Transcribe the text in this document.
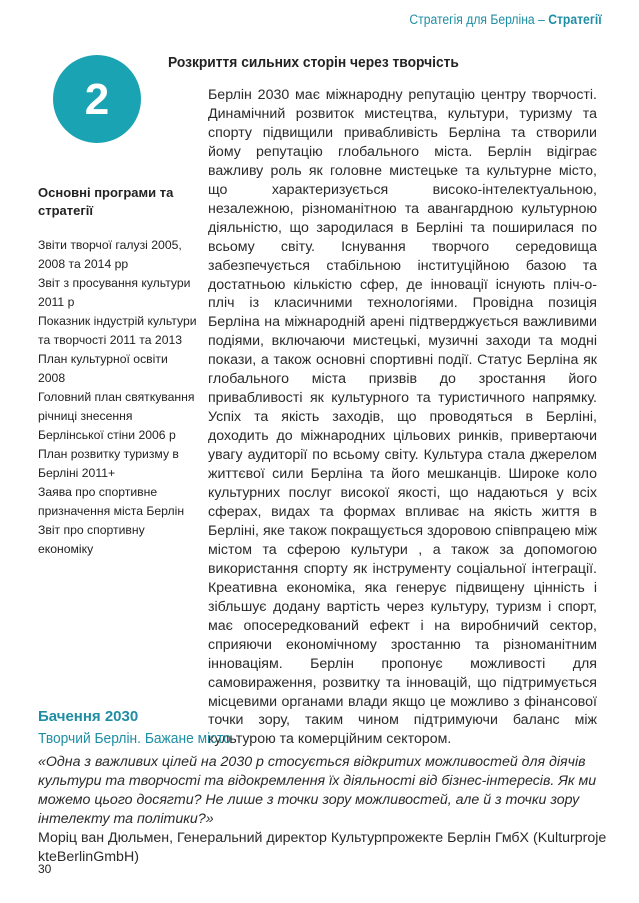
Стратегія для Берліна – Стратегії
2
Розкриття сильних сторін через творчість

Берлін 2030 має міжнародну репутацію центру творчості. Динамічний розвиток мистецтва, культури, туризму та спорту підвищили привабливість Берліна та створили йому репутацію глобального міста. Берлін відіграє важливу роль як головне мистецьке та культурне місто, що характеризується високо-інтелектуальною, незалежною, різноманітною та авангардною культурною діяльністю, що зародилася в Берліні та поширилася по всьому світу. Існування творчого середовища забезпечується стабільною інституційною базою та достатньою кількістю сфер, де інновації існують пліч-о-пліч із класичними технологіями. Провідна позиція Берліна на міжнародній арені підтверджується важливими подіями, включаючи мистецькі, музичні заходи та модні покази, а також основні спортивні події. Статус Берліна як глобального міста призвів до зростання його привабливості як культурного та туристичного напрямку. Успіх та якість заходів, що проводяться в Берліні, доходить до міжнародних цільових ринків, привертаючи увагу аудиторії по всьому світу. Культура стала джерелом життєвої сили Берліна та його мешканців. Широке коло культурних послуг високої якості, що надаються у всіх сферах, видах та формах впливає на якість життя в Берліні, яке також покращується здоровою співпрацею між містом та сферою культури , а також за допомогою використання спорту як інструменту соціальної інтеграції. Креативна економіка, яка генерує підвищену цінність і зібльшує додану вартість через культуру, туризм і спорт, має опосередкований ефект і на виробничий сектор, сприяючи економічному зростанню та різноманітним інноваціям. Берлін пропонує можливості для самовираження, розвитку та інновацій, що підтримується місцевими органами влади якщо це можливо з фінансової точки зору, таким чином підтримуючи баланс між культурою та комерційним сектором.

Основні програми та стратегії
Звіти творчої галузі 2005, 2008 та 2014 рр
Звіт з просування культури 2011 р
Показник індустрій культури та творчості 2011 та 2013
План культурної освіти 2008
Головний план святкування річниці знесення Берлінської стіни 2006 р
План розвитку туризму в Берліні 2011+
Заява про спортивне призначення міста Берлін
Звіт про спортивну економіку
Бачення 2030
Творчий Берлін. Бажане місто

«Одна з важливих цілей на 2030 р стосується відкритих можливостей для діячів культури та творчості та відокремлення їх діяльності від бізнес-інтересів. Як ми можемо цього досягти? Не лише з точки зору можливостей, але й з точки зору інтелекту та політики?»

Моріц ван Дюльмен, Генеральний директор Культурпрожекте Берлін ГмбХ (KulturprojekteBerlinGmbH)

30
